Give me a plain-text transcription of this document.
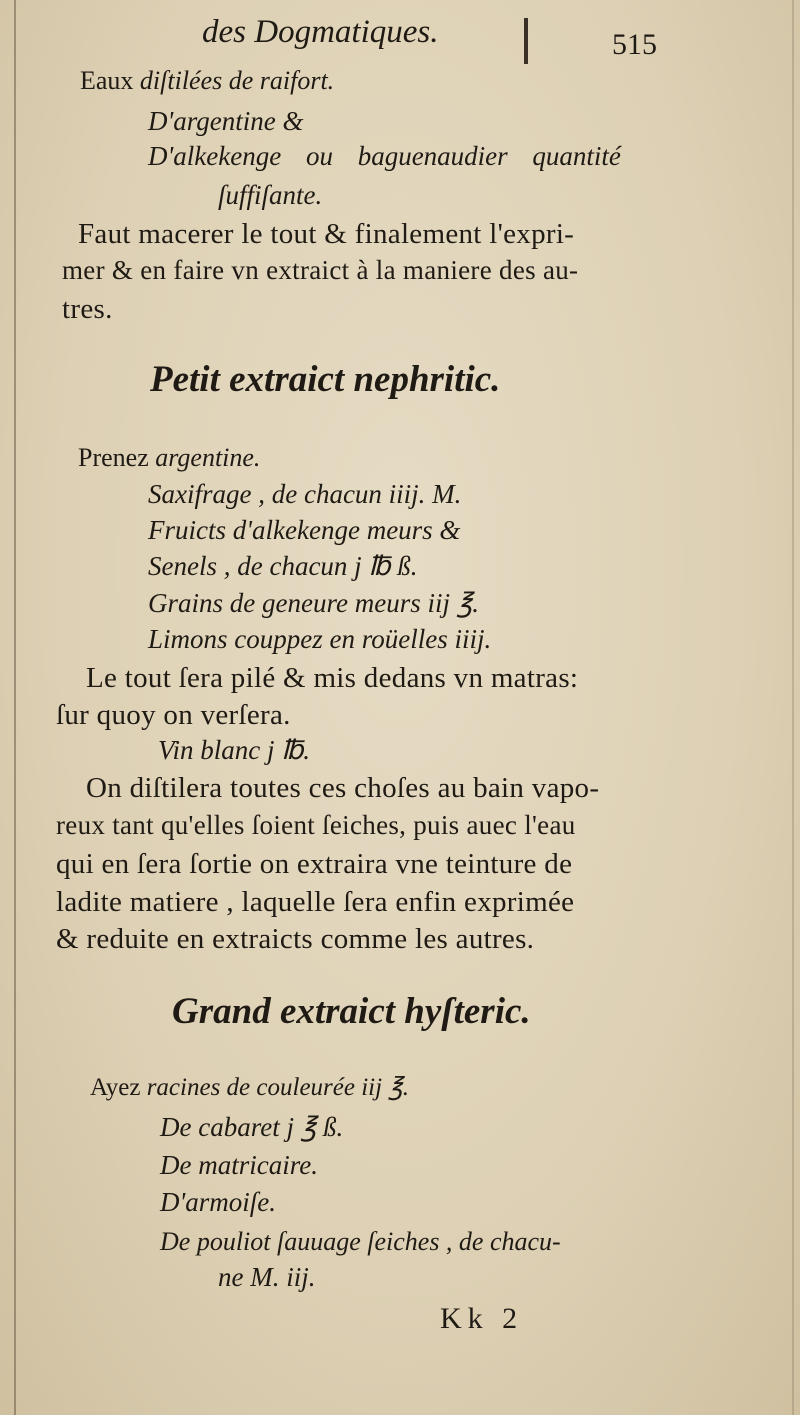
des Dogmatiques.	515
Eaux diſtilées de raifort.
D'argentine &
D'alkekenge ou baguenaudier quantité
ſuffiſante.
Faut macerer le tout & finalement l'expri-
mer & en faire vn extraict à la maniere des au-
tres.
Petit extraict nephritic.
Prenez argentine.
Saxifrage , de chacun iiij. M.
Fruicts d'alkekenge meurs &
Senels , de chacun j ℔ ß.
Grains de geneure meurs iij ℥.
Limons couppez en roüelles iiij.
Le tout ſera pilé & mis dedans vn matras:
ſur quoy on verſera.
Vin blanc j ℔.
On diſtilera toutes ces choſes au bain vapo-
reux tant qu'elles ſoient ſeiches, puis auec l'eau
qui en ſera ſortie on extraira vne teinture de
ladite matiere , laquelle ſera enfin exprimée
& reduite en extraicts comme les autres.
Grand extraict hyſteric.
Ayez racines de couleurée iij ℥.
De cabaret j ℥ ß.
De matricaire.
D'armoiſe.
De pouliot ſauuage ſeiches , de chacu-
ne M. iij.
Kk 2
